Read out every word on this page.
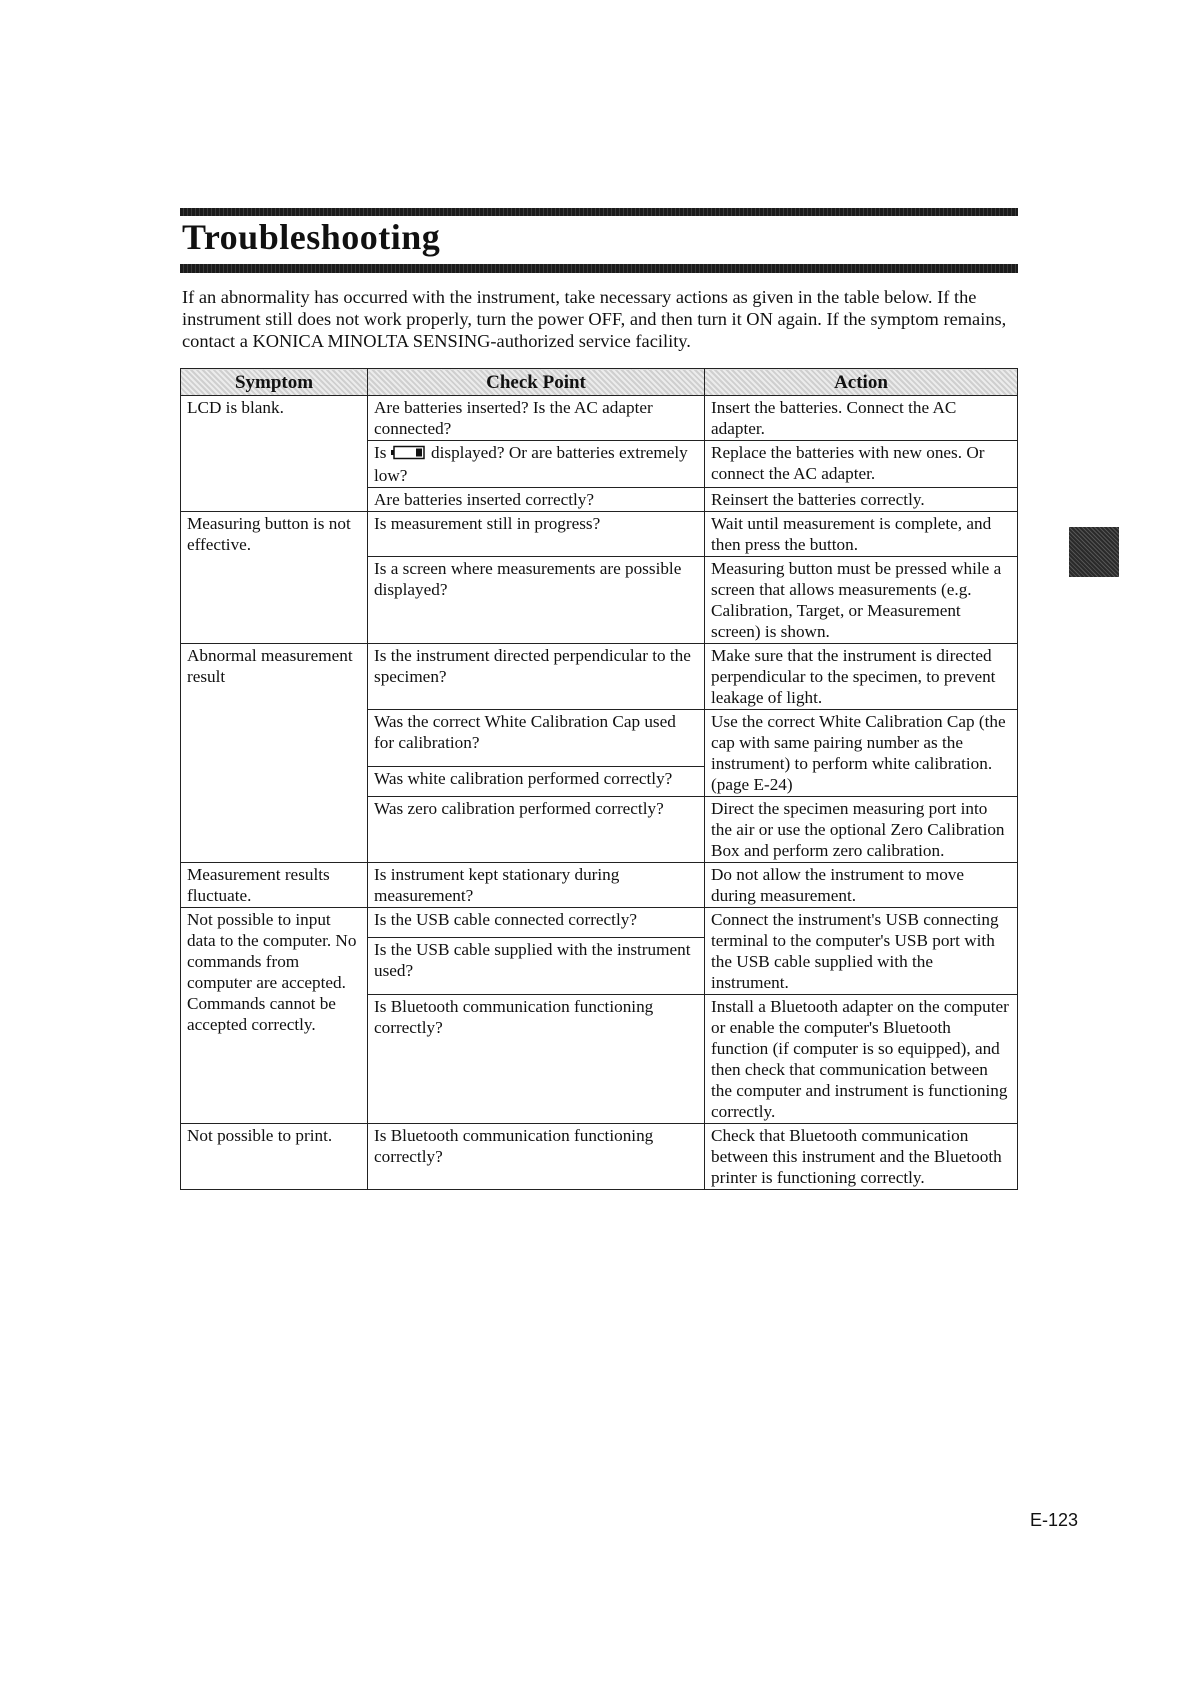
Troubleshooting

If an abnormality has occurred with the instrument, take necessary actions as given in the table below. If the instrument still does not work properly, turn the power OFF, and then turn it ON again. If the symptom remains, contact a KONICA MINOLTA SENSING-authorized service facility.

Symptom	Check Point	Action
LCD is blank.	Are batteries inserted? Is the AC adapter connected?	Insert the batteries. Connect the AC adapter.
	Is displayed? Or are batteries extremely low?	Replace the batteries with new ones. Or connect the AC adapter.
	Are batteries inserted correctly?	Reinsert the batteries correctly.
Measuring button is not effective.	Is measurement still in progress?	Wait until measurement is complete, and then press the button.
	Is a screen where measurements are possible displayed?	Measuring button must be pressed while a screen that allows measurements (e.g. Calibration, Target, or Measurement screen) is shown.
Abnormal measurement result	Is the instrument directed perpendicular to the specimen?	Make sure that the instrument is directed perpendicular to the specimen, to prevent leakage of light.
	Was the correct White Calibration Cap used for calibration?	Use the correct White Calibration Cap (the cap with same pairing number as the instrument) to perform white calibration. (page E-24)
	Was white calibration performed correctly?	
	Was zero calibration performed correctly?	Direct the specimen measuring port into the air or use the optional Zero Calibration Box and perform zero calibration.
Measurement results fluctuate.	Is instrument kept stationary during measurement?	Do not allow the instrument to move during measurement.
Not possible to input data to the computer. No commands from computer are accepted. Commands cannot be accepted correctly.	Is the USB cable connected correctly?	Connect the instrument's USB connecting terminal to the computer's USB port with the USB cable supplied with the instrument.
	Is the USB cable supplied with the instrument used?	
	Is Bluetooth communication functioning correctly?	Install a Bluetooth adapter on the computer or enable the computer's Bluetooth function (if computer is so equipped), and then check that communication between the computer and instrument is functioning correctly.
Not possible to print.	Is Bluetooth communication functioning correctly?	Check that Bluetooth communication between this instrument and the Bluetooth printer is functioning correctly.

E-123
